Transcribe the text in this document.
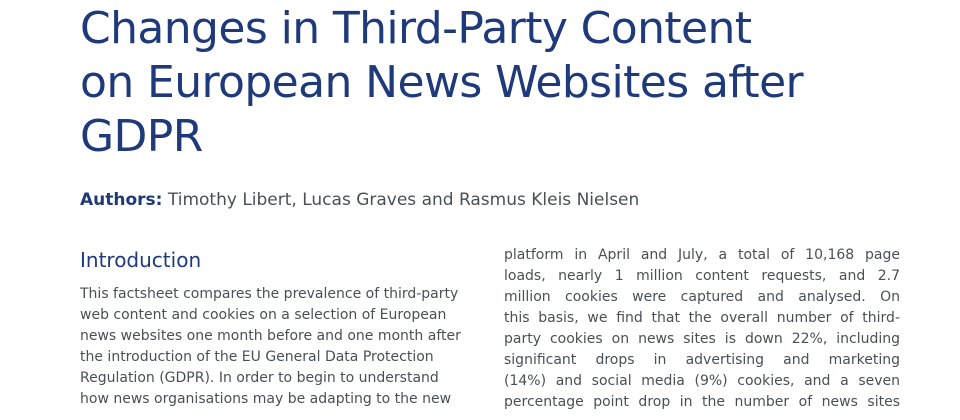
Changes in Third-Party Content
on European News Websites after
GDPR
Authors: Timothy Libert, Lucas Graves and Rasmus Kleis Nielsen
Introduction

This factsheet compares the prevalence of third-party
web content and cookies on a selection of European
news websites one month before and one month after
the introduction of the EU General Data Protection
Regulation (GDPR). In order to begin to understand
how news organisations may be adapting to the new

platform in April and July, a total of 10,168 page
loads, nearly 1 million content requests, and 2.7
million cookies were captured and analysed. On
this basis, we find that the overall number of third-
party cookies on news sites is down 22%, including
significant drops in advertising and marketing
(14%) and social media (9%) cookies, and a seven
percentage point drop in the number of news sites
